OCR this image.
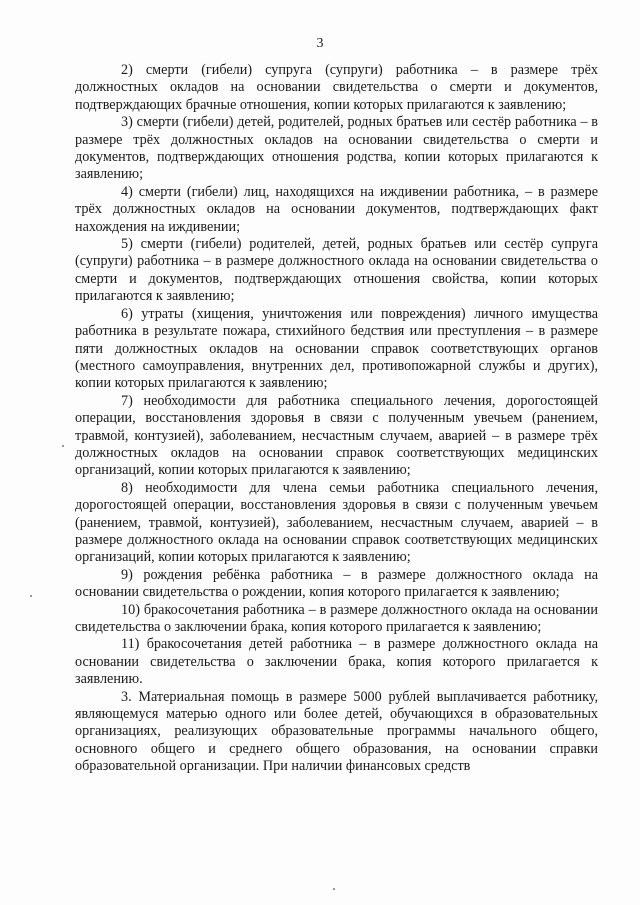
3

2) смерти (гибели) супруга (супруги) работника – в размере трёх должностных окладов на основании свидетельства о смерти и документов, подтверждающих брачные отношения, копии которых прилагаются к заявлению;

3) смерти (гибели) детей, родителей, родных братьев или сестёр работника – в размере трёх должностных окладов на основании свидетельства о смерти и документов, подтверждающих отношения родства, копии которых прилагаются к заявлению;

4) смерти (гибели) лиц, находящихся на иждивении работника, – в размере трёх должностных окладов на основании документов, подтверждающих факт нахождения на иждивении;

5) смерти (гибели) родителей, детей, родных братьев или сестёр супруга (супруги) работника – в размере должностного оклада на основании свидетельства о смерти и документов, подтверждающих отношения свойства, копии которых прилагаются к заявлению;

6) утраты (хищения, уничтожения или повреждения) личного имущества работника в результате пожара, стихийного бедствия или преступления – в размере пяти должностных окладов на основании справок соответствующих органов (местного самоуправления, внутренних дел, противопожарной службы и других), копии которых прилагаются к заявлению;

7) необходимости для работника специального лечения, дорогостоящей операции, восстановления здоровья в связи с полученным увечьем (ранением, травмой, контузией), заболеванием, несчастным случаем, аварией – в размере трёх должностных окладов на основании справок соответствующих медицинских организаций, копии которых прилагаются к заявлению;

8) необходимости для члена семьи работника специального лечения, дорогостоящей операции, восстановления здоровья в связи с полученным увечьем (ранением, травмой, контузией), заболеванием, несчастным случаем, аварией – в размере должностного оклада на основании справок соответствующих медицинских организаций, копии которых прилагаются к заявлению;

9) рождения ребёнка работника – в размере должностного оклада на основании свидетельства о рождении, копия которого прилагается к заявлению;

10) бракосочетания работника – в размере должностного оклада на основании свидетельства о заключении брака, копия которого прилагается к заявлению;

11) бракосочетания детей работника – в размере должностного оклада на основании свидетельства о заключении брака, копия которого прилагается к заявлению.

3. Материальная помощь в размере 5000 рублей выплачивается работнику, являющемуся матерью одного или более детей, обучающихся в образовательных организациях, реализующих образовательные программы начального общего, основного общего и среднего общего образования, на основании справки образовательной организации. При наличии финансовых средств
